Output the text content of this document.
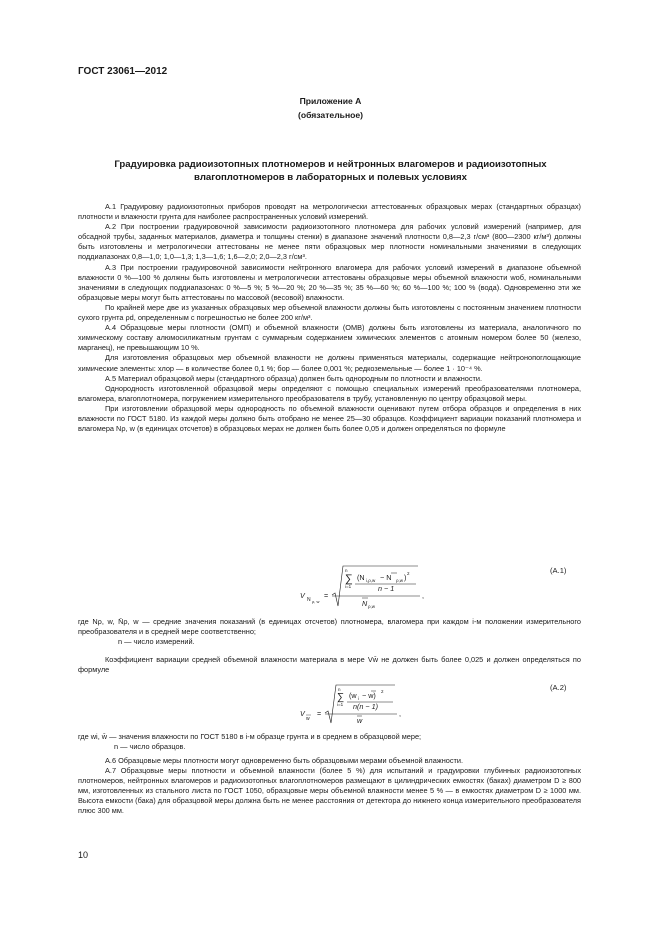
ГОСТ 23061—2012
Приложение А
(обязательное)
Градуировка радиоизотопных плотномеров и нейтронных влагомеров и радиоизотопных влагоплотномеров в лабораторных и полевых условиях

А.1 Градуировку радиоизотопных приборов проводят на метрологически аттестованных образцовых мерах (стандартных образцах) плотности и влажности грунта для наиболее распространенных условий измерений.

А.2 При построении градуировочной зависимости радиоизотопного плотномера для рабочих условий измерений (например, для обсадной трубы, заданных материалов, диаметра и толщины стенки) в диапазоне значений плотности 0,8—2,3 г/см³ (800—2300 кг/м³) должны быть изготовлены и метрологически аттестованы не менее пяти образцовых мер плотности номинальными значениями в следующих поддиапазонах 0,8—1,0; 1,0—1,3; 1,3—1,6; 1,6—2,0; 2,0—2,3 г/см³.

А.3 При построении градуировочной зависимости нейтронного влагомера для рабочих условий измерений в диапазоне объемной влажности 0 %—100 % должны быть изготовлены и метрологически аттестованы образцовые меры объемной влажности wоб, номинальными значениями в следующих поддиапазонах: 0 %—5 %; 5 %—20 %; 20 %—35 %; 35 %—60 %; 60 %—100 %; 100 % (вода). Одновременно эти же образцовые меры могут быть аттестованы по массовой (весовой) влажности.

По крайней мере две из указанных образцовых мер объемной влажности должны быть изготовлены с постоянным значением плотности сухого грунта ρd, определенным с погрешностью не более 200 кг/м³.

А.4 Образцовые меры плотности (ОМП) и объемной влажности (ОМВ) должны быть изготовлены из материала, аналогичного по химическому составу алюмосиликатным грунтам с суммарным содержанием химических элементов с атомным номером более 50 (железо, марганец), не превышающим 10 %.

Для изготовления образцовых мер объемной влажности не должны применяться материалы, содержащие нейтронопоглощающие химические элементы: хлор — в количестве более 0,1 %; бор — более 0,001 %; редкоземельные — более 1 · 10⁻⁴ %.

А.5 Материал образцовой меры (стандартного образца) должен быть однородным по плотности и влажности.

Однородность изготовленной образцовой меры определяют с помощью специальных измерений преобразователями плотномера, влагомера, влагоплотномера, погружением измерительного преобразователя в трубу, установленную по центру образцовой меры.

При изготовлении образцовой меры однородность по объемной влажности оценивают путем отбора образцов и определения в них влажности по ГОСТ 5180. Из каждой меры должно быть отобрано не менее 25—30 образцов. Коэффициент вариации показаний плотномера и влагомера Nρ, w (в единицах отсчетов) в образцовых мерах не должен быть более 0,05 и должен определяться по формуле

V N ρ, w
=
∑
n
i=1
(N i,ρ,w − N ρ,w ) 2
n − 1
N ρ,w
,
(А.1)
где Nρ, w, N̄ρ, w — средние значения показаний (в единицах отсчетов) плотномера, влагомера при каждом i-м положении измерительного преобразователя и в средней мере соответственно;
n — число измерений.

Коэффициент вариации средней объемной влажности материала в мере Vw̄ не должен быть более 0,025 и должен определяться по формуле

V
w
=
∑
n
i=1
(w i − w) 2
n(n − 1)
w
,
(А.2)
где wi, w̄ — значения влажности по ГОСТ 5180 в i-м образце грунта и в среднем в образцовой мере;
n — число образцов.

А.6 Образцовые меры плотности могут одновременно быть образцовыми мерами объемной влажности.

А.7 Образцовые меры плотности и объемной влажности (более 5 %) для испытаний и градуировки глубинных радиоизотопных плотномеров, нейтронных влагомеров и радиоизотопных влагоплотномеров размещают в цилиндрических емкостях (баках) диаметром D ≥ 800 мм, изготовленных из стального листа по ГОСТ 1050, образцовые меры объемной влажности менее 5 % — в емкостях диаметром D ≥ 1000 мм. Высота емкости (бака) для образцовой меры должна быть не менее расстояния от детектора до нижнего конца измерительного преобразователя плюс 300 мм.

10
